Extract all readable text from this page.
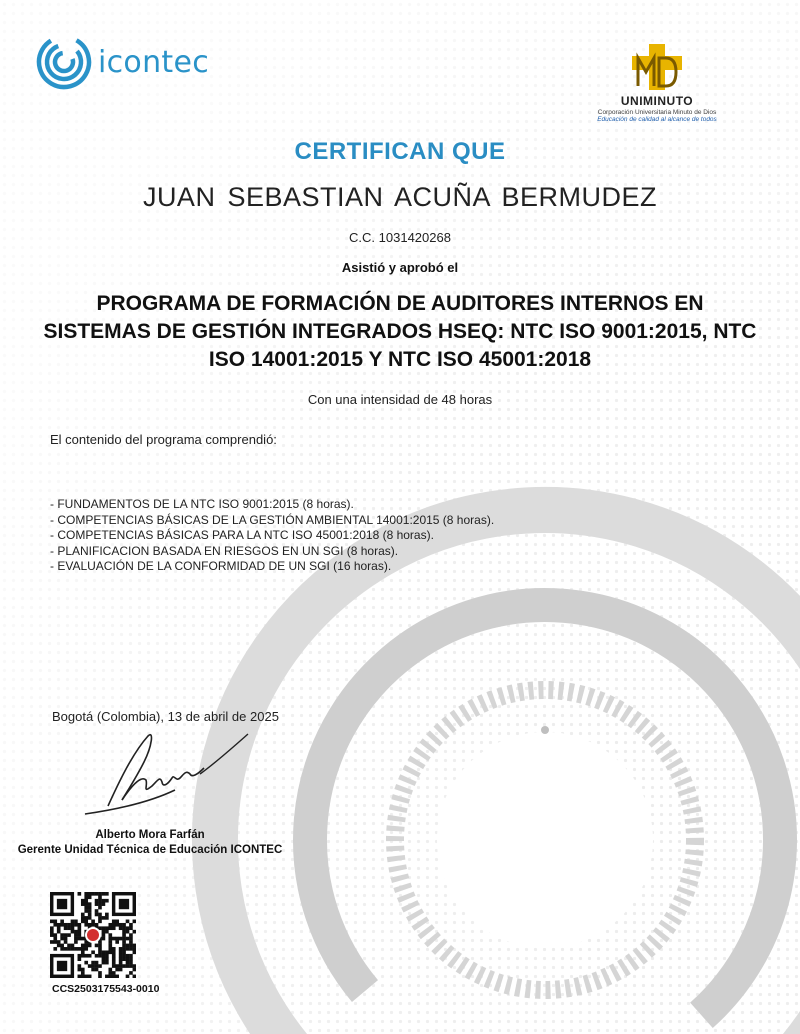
icontec
UNIMINUTO
Corporación Universitaria Minuto de Dios
Educación de calidad al alcance de todos
CERTIFICAN QUE
JUAN SEBASTIAN ACUÑA BERMUDEZ
C.C. 1031420268
Asistió y aprobó el
PROGRAMA DE FORMACIÓN DE AUDITORES INTERNOS EN SISTEMAS DE GESTIÓN INTEGRADOS HSEQ: NTC ISO 9001:2015, NTC ISO 14001:2015 Y NTC ISO 45001:2018
Con una intensidad de 48 horas
El contenido del programa comprendió:
- FUNDAMENTOS DE LA NTC ISO 9001:2015 (8 horas).
- COMPETENCIAS BÁSICAS DE LA GESTIÓN AMBIENTAL 14001:2015 (8 horas).
- COMPETENCIAS BÁSICAS PARA LA NTC ISO 45001:2018 (8 horas).
- PLANIFICACION BASADA EN RIESGOS EN UN SGI (8 horas).
- EVALUACIÓN DE LA CONFORMIDAD DE UN SGI (16 horas).
Bogotá (Colombia), 13 de abril de 2025
Alberto Mora Farfán
Gerente Unidad Técnica de Educación ICONTEC
CCS2503175543-0010
